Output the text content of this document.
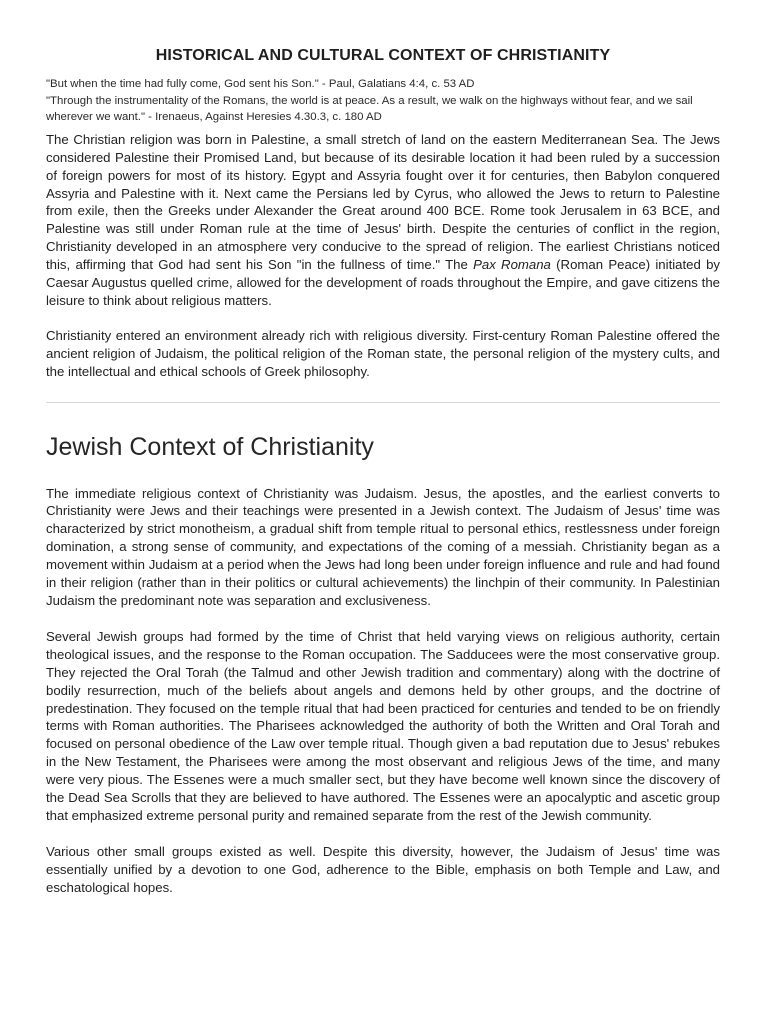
HISTORICAL AND CULTURAL CONTEXT OF CHRISTIANITY

"But when the time had fully come, God sent his Son." - Paul, Galatians 4:4, c. 53 AD

"Through the instrumentality of the Romans, the world is at peace. As a result, we walk on the highways without fear, and we sail wherever we want." - Irenaeus, Against Heresies 4.30.3, c. 180 AD

The Christian religion was born in Palestine, a small stretch of land on the eastern Mediterranean Sea. The Jews considered Palestine their Promised Land, but because of its desirable location it had been ruled by a succession of foreign powers for most of its history. Egypt and Assyria fought over it for centuries, then Babylon conquered Assyria and Palestine with it. Next came the Persians led by Cyrus, who allowed the Jews to return to Palestine from exile, then the Greeks under Alexander the Great around 400 BCE. Rome took Jerusalem in 63 BCE, and Palestine was still under Roman rule at the time of Jesus' birth. Despite the centuries of conflict in the region, Christianity developed in an atmosphere very conducive to the spread of religion. The earliest Christians noticed this, affirming that God had sent his Son "in the fullness of time." The Pax Romana (Roman Peace) initiated by Caesar Augustus quelled crime, allowed for the development of roads throughout the Empire, and gave citizens the leisure to think about religious matters.

Christianity entered an environment already rich with religious diversity. First-century Roman Palestine offered the ancient religion of Judaism, the political religion of the Roman state, the personal religion of the mystery cults, and the intellectual and ethical schools of Greek philosophy.

Jewish Context of Christianity

The immediate religious context of Christianity was Judaism. Jesus, the apostles, and the earliest converts to Christianity were Jews and their teachings were presented in a Jewish context. The Judaism of Jesus' time was characterized by strict monotheism, a gradual shift from temple ritual to personal ethics, restlessness under foreign domination, a strong sense of community, and expectations of the coming of a messiah. Christianity began as a movement within Judaism at a period when the Jews had long been under foreign influence and rule and had found in their religion (rather than in their politics or cultural achievements) the linchpin of their community. In Palestinian Judaism the predominant note was separation and exclusiveness.

Several Jewish groups had formed by the time of Christ that held varying views on religious authority, certain theological issues, and the response to the Roman occupation. The Sadducees were the most conservative group. They rejected the Oral Torah (the Talmud and other Jewish tradition and commentary) along with the doctrine of bodily resurrection, much of the beliefs about angels and demons held by other groups, and the doctrine of predestination. They focused on the temple ritual that had been practiced for centuries and tended to be on friendly terms with Roman authorities. The Pharisees acknowledged the authority of both the Written and Oral Torah and focused on personal obedience of the Law over temple ritual. Though given a bad reputation due to Jesus' rebukes in the New Testament, the Pharisees were among the most observant and religious Jews of the time, and many were very pious. The Essenes were a much smaller sect, but they have become well known since the discovery of the Dead Sea Scrolls that they are believed to have authored. The Essenes were an apocalyptic and ascetic group that emphasized extreme personal purity and remained separate from the rest of the Jewish community.

Various other small groups existed as well. Despite this diversity, however, the Judaism of Jesus' time was essentially unified by a devotion to one God, adherence to the Bible, emphasis on both Temple and Law, and eschatological hopes.
